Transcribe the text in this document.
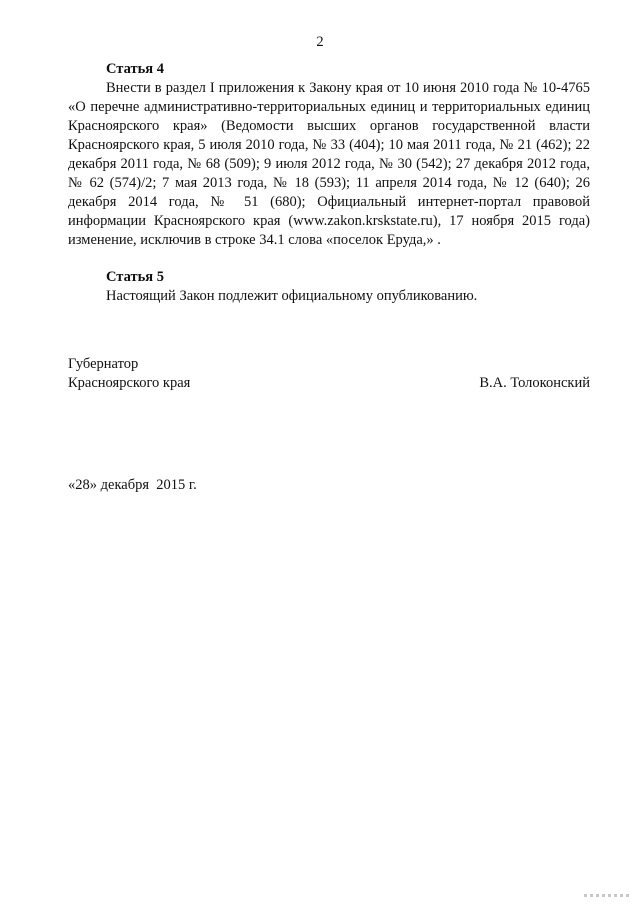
2
Статья 4

Внести в раздел I приложения к Закону края от 10 июня 2010 года № 10-4765 «О перечне административно-территориальных единиц и территориальных единиц Красноярского края» (Ведомости высших органов государственной власти Красноярского края, 5 июля 2010 года, № 33 (404); 10 мая 2011 года, № 21 (462); 22 декабря 2011 года, № 68 (509); 9 июля 2012 года, № 30 (542); 27 декабря 2012 года, № 62 (574)/2; 7 мая 2013 года, № 18 (593); 11 апреля 2014 года, № 12 (640); 26 декабря 2014 года, № 51 (680); Официальный интернет-портал правовой информации Красноярского края (www.zakon.krskstate.ru), 17 ноября 2015 года) изменение, исключив в строке 34.1 слова «поселок Еруда,» .

Статья 5

Настоящий Закон подлежит официальному опубликованию.

Губернатор
Красноярского края	В.А. Толоконский
«28» декабря  2015 г.
